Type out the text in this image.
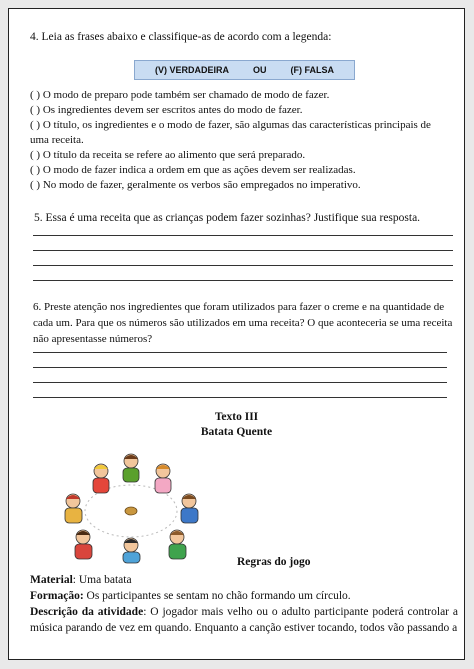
4. Leia as frases abaixo e classifique-as de acordo com a legenda:
(V) VERDADEIRA	OU	(F) FALSA
( ) O modo de preparo pode também ser chamado de modo de fazer.
( ) Os ingredientes devem ser escritos antes do modo de fazer.
( ) O título, os ingredientes e o modo de fazer, são algumas das características principais de uma receita.
( ) O título da receita se refere ao alimento que será preparado.
( ) O modo de fazer indica a ordem em que as ações devem ser realizadas.
( ) No modo de fazer, geralmente os verbos são empregados no imperativo.
5. Essa é uma receita que as crianças podem fazer sozinhas? Justifique sua resposta.
6. Preste atenção nos ingredientes que foram utilizados para fazer o creme e na quantidade de cada um. Para que os números são utilizados em uma receita? O que aconteceria se uma receita não apresentasse números?
Texto III
Batata Quente
Regras do jogo
Material: Uma batata
Formação: Os participantes se sentam no chão formando um círculo.
Descrição da atividade: O jogador mais velho ou o adulto participante poderá controlar a música parando de vez em quando. Enquanto a canção estiver tocando, todos vão passando a
